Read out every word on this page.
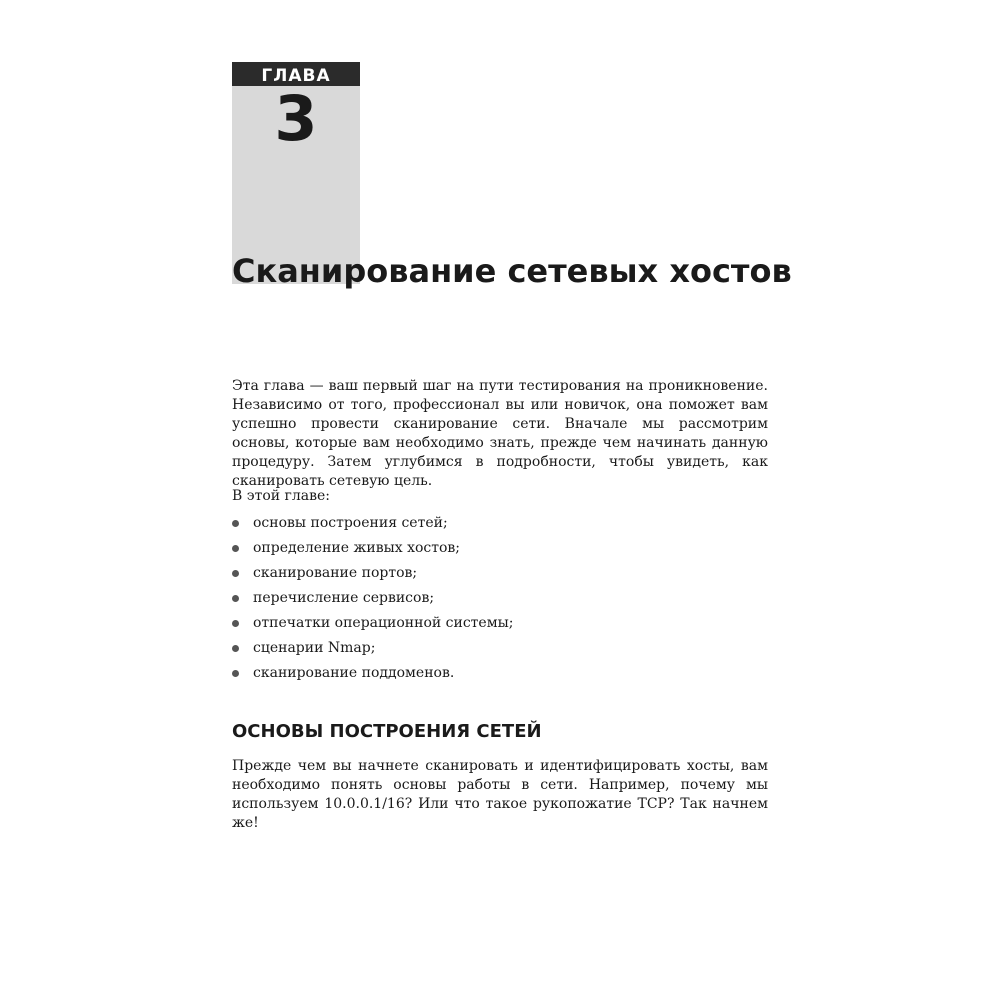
ГЛАВА
3
Сканирование сетевых хостов

Эта глава — ваш первый шаг на пути тестирования на проникновение. Независимо от того, профессионал вы или новичок, она поможет вам успешно провести сканирование сети. Вначале мы рассмотрим основы, которые вам необходимо знать, прежде чем начинать данную процедуру. Затем углубимся в подробности, чтобы увидеть, как сканировать сетевую цель.

В этой главе:

основы построения сетей;
определение живых хостов;
сканирование портов;
перечисление сервисов;
отпечатки операционной системы;
сценарии Nmap;
сканирование поддоменов.
ОСНОВЫ ПОСТРОЕНИЯ СЕТЕЙ

Прежде чем вы начнете сканировать и идентифицировать хосты, вам необходимо понять основы работы в сети. Например, почему мы используем 10.0.0.1/16? Или что такое рукопожатие TCP? Так начнем же!
